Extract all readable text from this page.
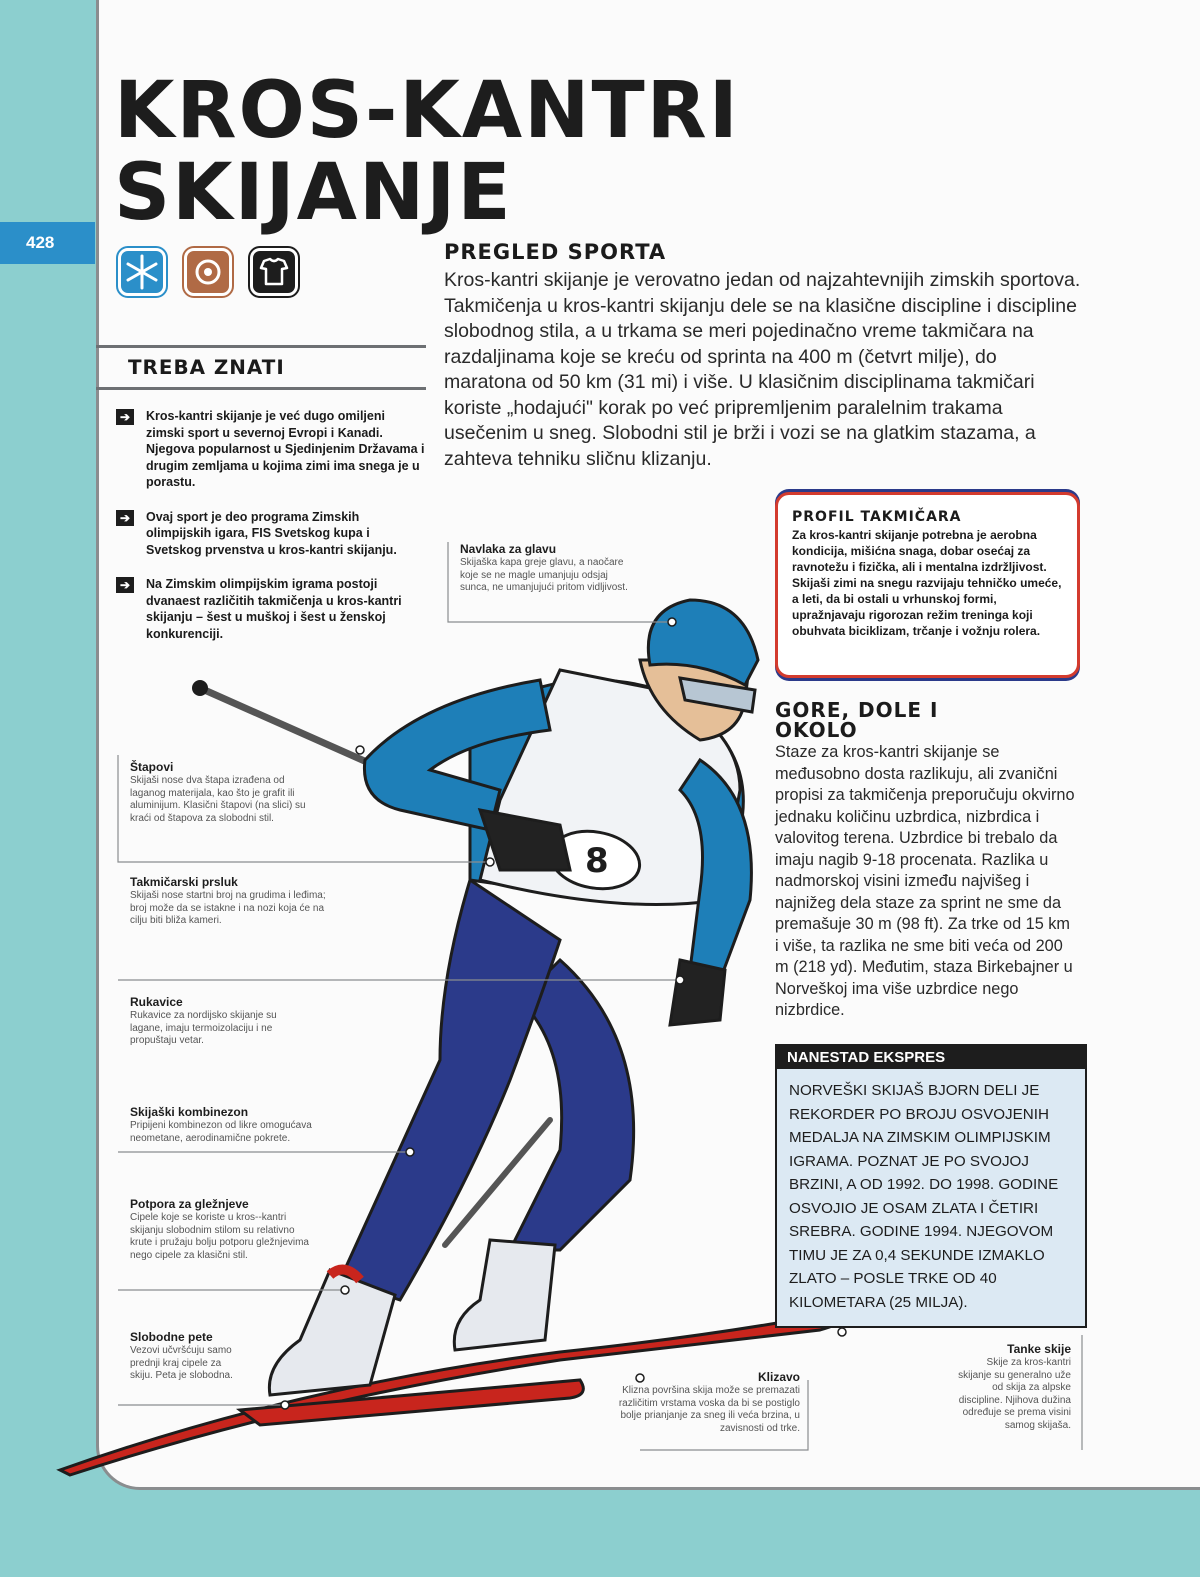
428
KROS-KANTRI
SKIJANJE
TREBA ZNATI
➔	Kros-kantri skijanje je već dugo omiljeni zimski sport u severnoj Evropi i Kanadi. Njegova popularnost u Sjedinjenim Državama i drugim zemljama u kojima zimi ima snega je u porastu.
➔	Ovaj sport je deo programa Zimskih olimpijskih igara, FIS Svetskog kupa i Svetskog prvenstva u kros-kantri skijanju.
➔	Na Zimskim olimpijskim igrama postoji dvanaest različitih takmičenja u kros-kantri skijanju – šest u muškoj i šest u ženskoj konkurenciji.
PREGLED SPORTA

Kros-kantri skijanje je verovatno jedan od najzahtevnijih zimskih sportova. Takmičenja u kros-kantri skijanju dele se na klasične discipline i discipline slobodnog stila, a u trkama se meri pojedinačno vreme takmičara na razdaljinama koje se kreću od sprinta na 400 m (četvrt milje), do maratona od 50 km (31 mi) i više. U klasičnim disciplinama takmičari koriste „hodajući" korak po već pripremljenim paralelnim trakama usečenim u sneg. Slobodni stil je brži i vozi se na glatkim stazama, a zahteva tehniku sličnu klizanju.

PROFIL TAKMIČARA

Za kros-kantri skijanje potrebna je aerobna kondicija, mišićna snaga, dobar osećaj za ravnotežu i fizička, ali i mentalna izdržljivost. Skijaši zimi na snegu razvijaju tehničko umeće, a leti, da bi ostali u vrhunskoj formi, upražnjavaju rigorozan režim treninga koji obuhvata biciklizam, trčanje i vožnju rolera.

8
Navlaka za glavu
Skijaška kapa greje glavu, a naočare koje se ne magle umanjuju odsjaj sunca, ne umanjujući pritom vidljivost.
Štapovi
Skijaši nose dva štapa izrađena od laganog materijala, kao što je grafit ili aluminijum. Klasični štapovi (na slici) su kraći od štapova za slobodni stil.
Takmičarski prsluk
Skijaši nose startni broj na grudima i leđima; broj može da se istakne i na nozi koja će na cilju biti bliža kameri.
Rukavice
Rukavice za nordijsko skijanje su lagane, imaju termoizolaciju i ne propuštaju vetar.
Skijaški kombinezon
Pripijeni kombinezon od likre omogućava neometane, aerodinamične pokrete.
Potpora za gležnjeve
Cipele koje se koriste u kros--kantri skijanju slobodnim stilom su relativno krute i pružaju bolju potporu gležnjevima nego cipele za klasični stil.
Slobodne pete
Vezovi učvršćuju samo prednji kraj cipele za skiju. Peta je slobodna.	Klizavo
Klizna površina skija može se premazati različitim vrstama voska da bi se postiglo bolje prianjanje za sneg ili veća brzina, u zavisnosti od trke.
Tanke skije
Skije za kros-kantri skijanje su generalno uže od skija za alpske discipline. Njihova dužina određuje se prema visini samog skijaša.
GORE, DOLE I
OKOLO

Staze za kros-kantri skijanje se međusobno dosta razlikuju, ali zvanični propisi za takmičenja preporučuju okvirno jednaku količinu uzbrdica, nizbrdica i valovitog terena. Uzbrdice bi trebalo da imaju nagib 9-18 procenata. Razlika u nadmorskoj visini između najvišeg i najnižeg dela staze za sprint ne sme da premašuje 30 m (98 ft). Za trke od 15 km i više, ta razlika ne sme biti veća od 200 m (218 yd). Međutim, staza Birkebajner u Norveškoj ima više uzbrdice nego nizbrdice.

NANESTAD EKSPRES

NORVEŠKI SKIJAŠ BJORN DELI JE REKORDER PO BROJU OSVOJENIH MEDALJA NA ZIMSKIM OLIMPIJSKIM IGRAMA. POZNAT JE PO SVOJOJ BRZINI, A OD 1992. DO 1998. GODINE OSVOJIO JE OSAM ZLATA I ČETIRI SREBRA. GODINE 1994. NJEGOVOM TIMU JE ZA 0,4 SEKUNDE IZMAKLO ZLATO – POSLE TRKE OD 40 KILOMETARA (25 MILJA).
